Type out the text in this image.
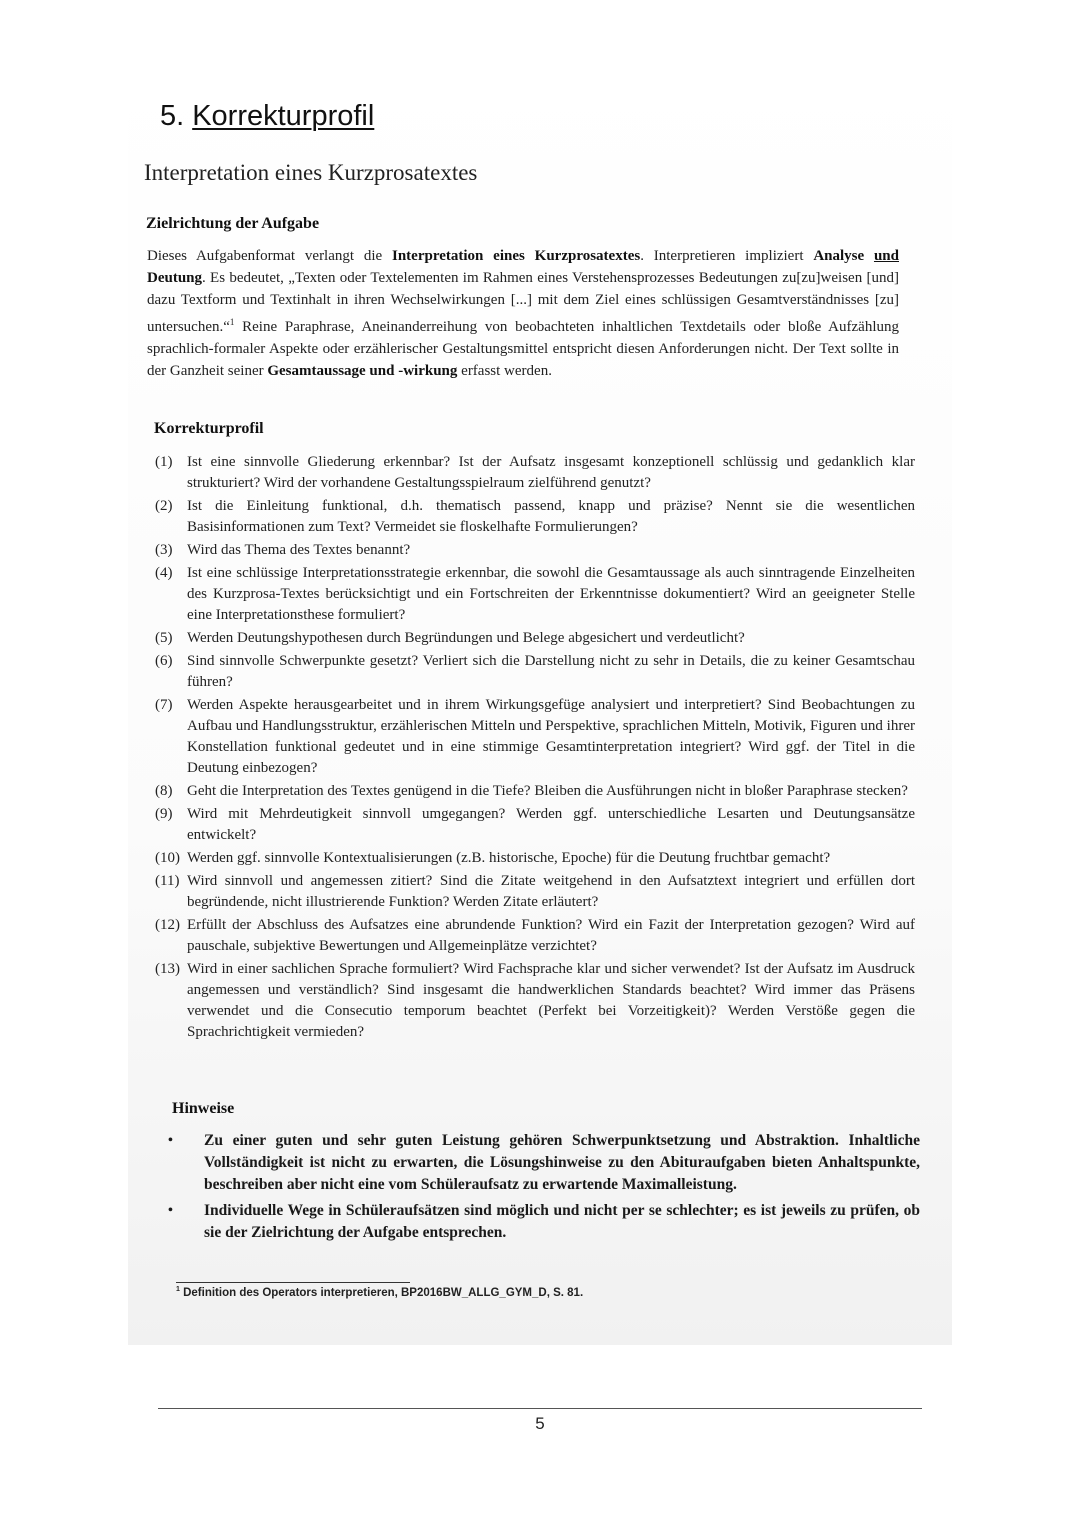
5. Korrekturprofil
Interpretation eines Kurzprosatextes
Zielrichtung der Aufgabe
Dieses Aufgabenformat verlangt die Interpretation eines Kurzprosatextes. Interpretieren impliziert Analyse und Deutung. Es bedeutet, „Texten oder Textelementen im Rahmen eines Verstehensprozesses Bedeutungen zu[zu]weisen [und] dazu Textform und Textinhalt in ihren Wechselwirkungen [...] mit dem Ziel eines schlüssigen Gesamtverständnisses [zu] untersuchen.“$^1$ Reine Paraphrase, Aneinanderreihung von beobachteten inhaltlichen Textdetails oder bloße Aufzählung sprachlich-formaler Aspekte oder erzählerischer Gestaltungsmittel entspricht diesen Anforderungen nicht. Der Text sollte in der Ganzheit seiner Gesamtaussage und -wirkung erfasst werden.
Korrekturprofil
(1) Ist eine sinnvolle Gliederung erkennbar? Ist der Aufsatz insgesamt konzeptionell schlüssig und gedanklich klar strukturiert? Wird der vorhandene Gestaltungsspielraum zielführend genutzt?
(2) Ist die Einleitung funktional, d.h. thematisch passend, knapp und präzise? Nennt sie die wesentlichen Basisinformationen zum Text? Vermeidet sie floskelhafte Formulierungen?
(3) Wird das Thema des Textes benannt?
(4) Ist eine schlüssige Interpretationsstrategie erkennbar, die sowohl die Gesamtaussage als auch sinntragende Einzelheiten des Kurzprosa-Textes berücksichtigt und ein Fortschreiten der Erkenntnisse dokumentiert? Wird an geeigneter Stelle eine Interpretationsthese formuliert?
(5) Werden Deutungshypothesen durch Begründungen und Belege abgesichert und verdeutlicht?
(6) Sind sinnvolle Schwerpunkte gesetzt? Verliert sich die Darstellung nicht zu sehr in Details, die zu keiner Gesamtschau führen?
(7) Werden Aspekte herausgearbeitet und in ihrem Wirkungsgefüge analysiert und interpretiert? Sind Beobachtungen zu Aufbau und Handlungsstruktur, erzählerischen Mitteln und Perspektive, sprachlichen Mitteln, Motivik, Figuren und ihrer Konstellation funktional gedeutet und in eine stimmige Gesamtinterpretation integriert? Wird ggf. der Titel in die Deutung einbezogen?
(8) Geht die Interpretation des Textes genügend in die Tiefe? Bleiben die Ausführungen nicht in bloßer Paraphrase stecken?
(9) Wird mit Mehrdeutigkeit sinnvoll umgegangen? Werden ggf. unterschiedliche Lesarten und Deutungsansätze entwickelt?
(10) Werden ggf. sinnvolle Kontextualisierungen (z.B. historische, Epoche) für die Deutung fruchtbar gemacht?
(11) Wird sinnvoll und angemessen zitiert? Sind die Zitate weitgehend in den Aufsatztext integriert und erfüllen dort begründende, nicht illustrierende Funktion? Werden Zitate erläutert?
(12) Erfüllt der Abschluss des Aufsatzes eine abrundende Funktion? Wird ein Fazit der Interpretation gezogen? Wird auf pauschale, subjektive Bewertungen und Allgemeinplätze verzichtet?
(13) Wird in einer sachlichen Sprache formuliert? Wird Fachsprache klar und sicher verwendet? Ist der Aufsatz im Ausdruck angemessen und verständlich? Sind insgesamt die handwerklichen Standards beachtet? Wird immer das Präsens verwendet und die Consecutio temporum beachtet (Perfekt bei Vorzeitigkeit)? Werden Verstöße gegen die Sprachrichtigkeit vermieden?
Hinweise
•	Zu einer guten und sehr guten Leistung gehören Schwerpunktsetzung und Abstraktion. Inhaltliche Vollständigkeit ist nicht zu erwarten, die Lösungshinweise zu den Abituraufgaben bieten Anhaltspunkte, beschreiben aber nicht eine vom Schüleraufsatz zu erwartende Maximalleistung.
•	Individuelle Wege in Schüleraufsätzen sind möglich und nicht per se schlechter; es ist jeweils zu prüfen, ob sie der Zielrichtung der Aufgabe entsprechen.
$^1$ Definition des Operators interpretieren, BP2016BW_ALLG_GYM_D, S. 81.
5
